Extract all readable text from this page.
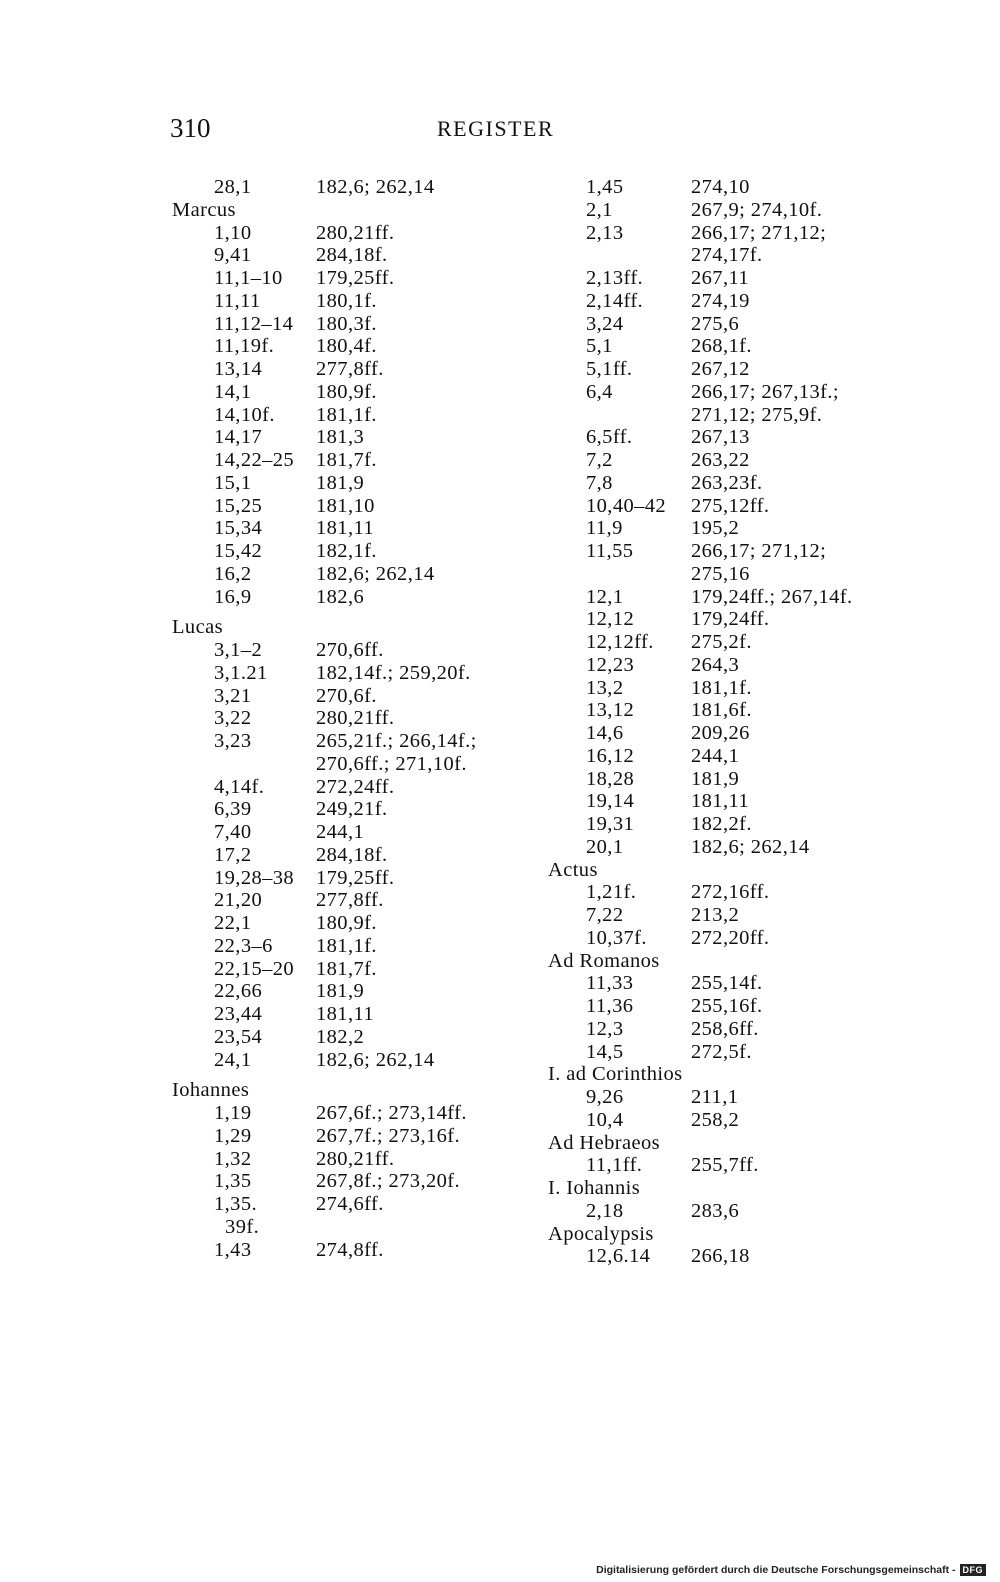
310	REGISTER
28,1	182,6; 262,14
Marcus
1,10	280,21ff.
9,41	284,18f.
11,1–10	179,25ff.
11,11	180,1f.
11,12–14	180,3f.
11,19f.	180,4f.
13,14	277,8ff.
14,1	180,9f.
14,10f.	181,1f.
14,17	181,3
14,22–25	181,7f.
15,1	181,9
15,25	181,10
15,34	181,11
15,42	182,1f.
16,2	182,6; 262,14
16,9	182,6
Lucas
3,1–2	270,6ff.
3,1.21	182,14f.; 259,20f.
3,21	270,6f.
3,22	280,21ff.
3,23	265,21f.; 266,14f.;
270,6ff.; 271,10f.
4,14f.	272,24ff.
6,39	249,21f.
7,40	244,1
17,2	284,18f.
19,28–38	179,25ff.
21,20	277,8ff.
22,1	180,9f.
22,3–6	181,1f.
22,15–20	181,7f.
22,66	181,9
23,44	181,11
23,54	182,2
24,1	182,6; 262,14
Iohannes
1,19	267,6f.; 273,14ff.
1,29	267,7f.; 273,16f.
1,32	280,21ff.
1,35	267,8f.; 273,20f.
1,35.	274,6ff.
39f.
1,43	274,8ff.
1,45	274,10
2,1	267,9; 274,10f.
2,13	266,17; 271,12;
274,17f.
2,13ff.	267,11
2,14ff.	274,19
3,24	275,6
5,1	268,1f.
5,1ff.	267,12
6,4	266,17; 267,13f.;
271,12; 275,9f.
6,5ff.	267,13
7,2	263,22
7,8	263,23f.
10,40–42	275,12ff.
11,9	195,2
11,55	266,17; 271,12;
275,16
12,1	179,24ff.; 267,14f.
12,12	179,24ff.
12,12ff.	275,2f.
12,23	264,3
13,2	181,1f.
13,12	181,6f.
14,6	209,26
16,12	244,1
18,28	181,9
19,14	181,11
19,31	182,2f.
20,1	182,6; 262,14
Actus
1,21f.	272,16ff.
7,22	213,2
10,37f.	272,20ff.
Ad Romanos
11,33	255,14f.
11,36	255,16f.
12,3	258,6ff.
14,5	272,5f.
I. ad Corinthios
9,26	211,1
10,4	258,2
Ad Hebraeos
11,1ff.	255,7ff.
I. Iohannis
2,18	283,6
Apocalypsis
12,6.14	266,18
Digitalisierung gefördert durch die Deutsche Forschungsgemeinschaft - DFG
